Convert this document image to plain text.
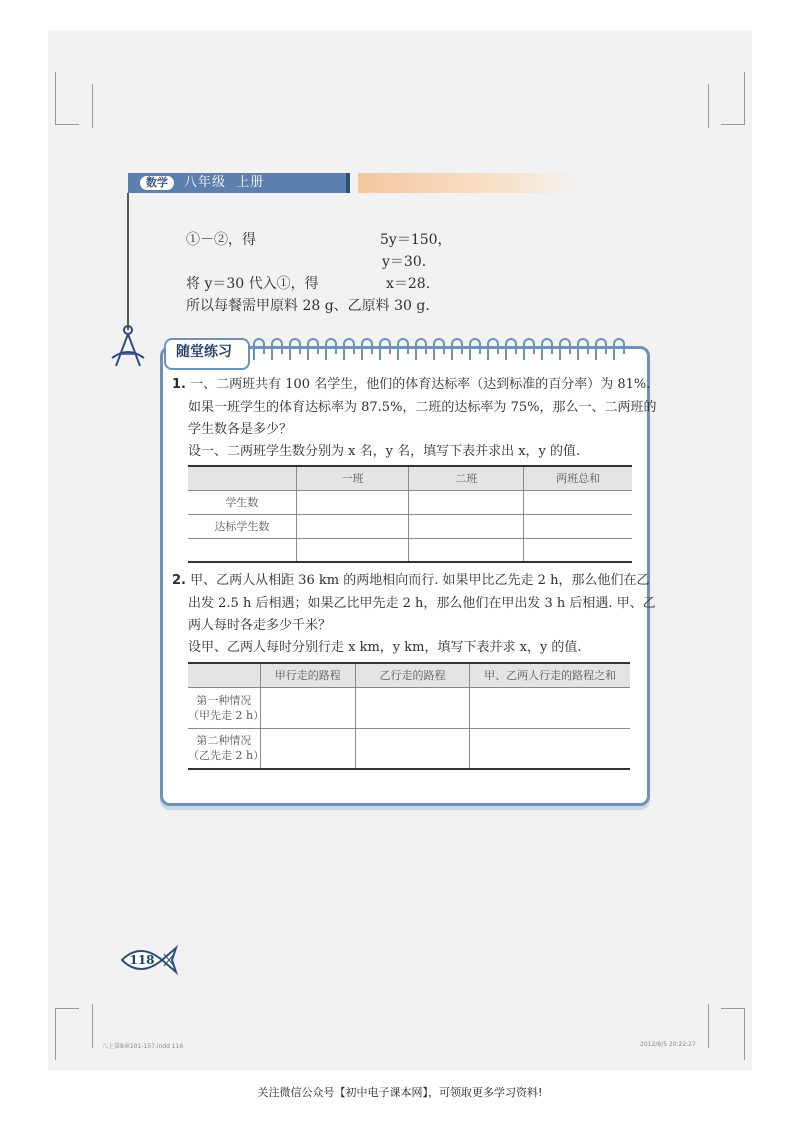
数学	八年级  上册
①－②，得	5y＝150，
y＝30.
将 y＝30 代入①，得	x＝28.
所以每餐需甲原料 28 g、乙原料 30 g.
随堂练习
1. 一、二两班共有 100 名学生，他们的体育达标率（达到标准的百分率）为 81%.
如果一班学生的体育达标率为 87.5%，二班的达标率为 75%，那么一、二两班的
学生数各是多少？
设一、二两班学生数分别为 x 名，y 名，填写下表并求出 x，y 的值.
	一班	二班	两班总和
学生数			
达标学生数			

2. 甲、乙两人从相距 36 km 的两地相向而行. 如果甲比乙先走 2 h，那么他们在乙
出发 2.5 h 后相遇；如果乙比甲先走 2 h，那么他们在甲出发 3 h 后相遇. 甲、乙
两人每时各走多少千米？
设甲、乙两人每时分别行走 x km，y km，填写下表并求 x，y 的值.
	甲行走的路程	乙行走的路程	甲、乙两人行走的路程之和

第一种情况
（甲先走 2 h）			

第二种情况
（乙先走 2 h）			

118
八上第8章101-157.indd 116	2012/8/5 20:22:27
关注微信公众号【初中电子课本网】，可领取更多学习资料!
